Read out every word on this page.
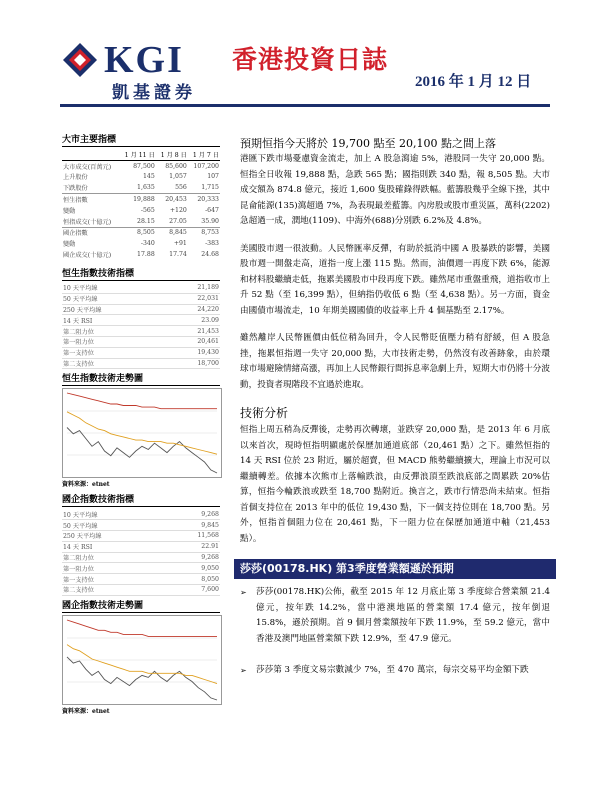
KGI
凱基證券
香港投資日誌
2016 年 1 月 12 日
大市主要指標
	1 月 11 日	1 月 8 日	1 月 7 日
大市成交(百萬元)	87,500	85,600	107,200
上升股份	145	1,057	107
下跌股份	1,635	556	1,715
恒生指數	19,888	20,453	20,333
變動	-565	+120	-647
恒指成交(十億元)	28.15	27.05	35.90
國企指數	8,505	8,845	8,753
變動	-340	+91	-383
國企成交(十億元)	17.88	17.74	24.68
恒生指數技術指標
10 天平均線	21,189
50 天平均線	22,031
250 天平均線	24,220
14 天 RSI	23.09
第二阻力位	21,453
第一阻力位	20,461
第一支持位	19,430
第二支持位	18,700
恒生指數技術走勢圖
資料來源：etnet
國企指數技術指標
10 天平均線	9,268
50 天平均線	9,845
250 天平均線	11,568
14 天 RSI	22.91
第二阻力位	9,268
第一阻力位	9,050
第一支持位	8,050
第二支持位	7,600
國企指數技術走勢圖
資料來源：etnet
預期恒指今天將於 19,700 點至 20,100 點之間上落

港匯下跌市場憂慮資金流走，加上 A 股急瀉逾 5%，港股同一失守 20,000 點。恒指全日收報 19,888 點，急跌 565 點；國指則跌 340 點，報 8,505 點。大市成交額為 874.8 億元，接近 1,600 隻股確錄得跌幅。藍籌股幾乎全線下挫，其中昆侖能源(135)瀉超過 7%，為表現最差藍籌。內房股或股市重災區，萬科(2202)急超過一成，潤地(1109)、中海外(688)分別跌 6.2%及 4.8%。

美國股市週一很波動。人民幣匯率反彈，有助於抵消中國 A 股暴跌的影響，美國股市週一開盤走高，道指一度上漲 115 點。然而，油價週一再度下跌 6%，能源和材料股繼續走低，拖累美國股市中段再度下跌。雖然尾市重盤重飛，道指收市上升 52 點（至 16,399 點），但納指仍收低 6 點（至 4,638 點）。另一方面，資金由國債市場流走，10 年期美國國債的收益率上升 4 個基點至 2.17%。

雖然離岸人民幣匯價由低位稍為回升，令人民幣貶值壓力稍有舒緩，但 A 股急挫，拖累恒指週一失守 20,000 點，大市技術走勢，仍然沒有改善跡象，由於環球市場避險情緒高漲，再加上人民幣銀行間拆息率急劇上升，短期大市仍將十分波動，投資者現階段不宜過於進取。

技術分析

恒指上周五稍為反彈後，走勢再次轉壞，並跌穿 20,000 點，是 2013 年 6 月底以來首次，現時恒指明顯處於保歷加通道底部（20,461 點）之下。雖然恒指的 14 天 RSI 位於 23 附近，屬於超賣，但 MACD 熊勢繼續擴大，理論上市況可以繼續轉差。依據本次熊市上落輸跌浪，由反彈浪頂至跌浪底部之間累跌 20%估算，恒指今輪跌浪或跌至 18,700 點附近。換言之，跌市行情恐尚未結束。恒指首個支持位在 2013 年中的低位 19,430 點，下一個支持位則在 18,700 點。另外，恒指首個阻力位在 20,461 點，下一阻力位在保歷加通道中軸（21,453 點）。

莎莎(00178.HK) 第3季度營業額遜於預期
➢ 莎莎(00178.HK)公佈，截至 2015 年 12 月底止第 3 季度綜合營業額 21.4 億元，按年跌 14.2%，當中港澳地區的營業額 17.4 億元，按年倒退 15.8%，遜於預期。首 9 個月營業額按年下跌 11.9%，至 59.2 億元，當中香港及澳門地區營業額下跌 12.9%，至 47.9 億元。
➢ 莎莎第 3 季度文易宗數減少 7%，至 470 萬宗，每宗交易平均金額下跌
